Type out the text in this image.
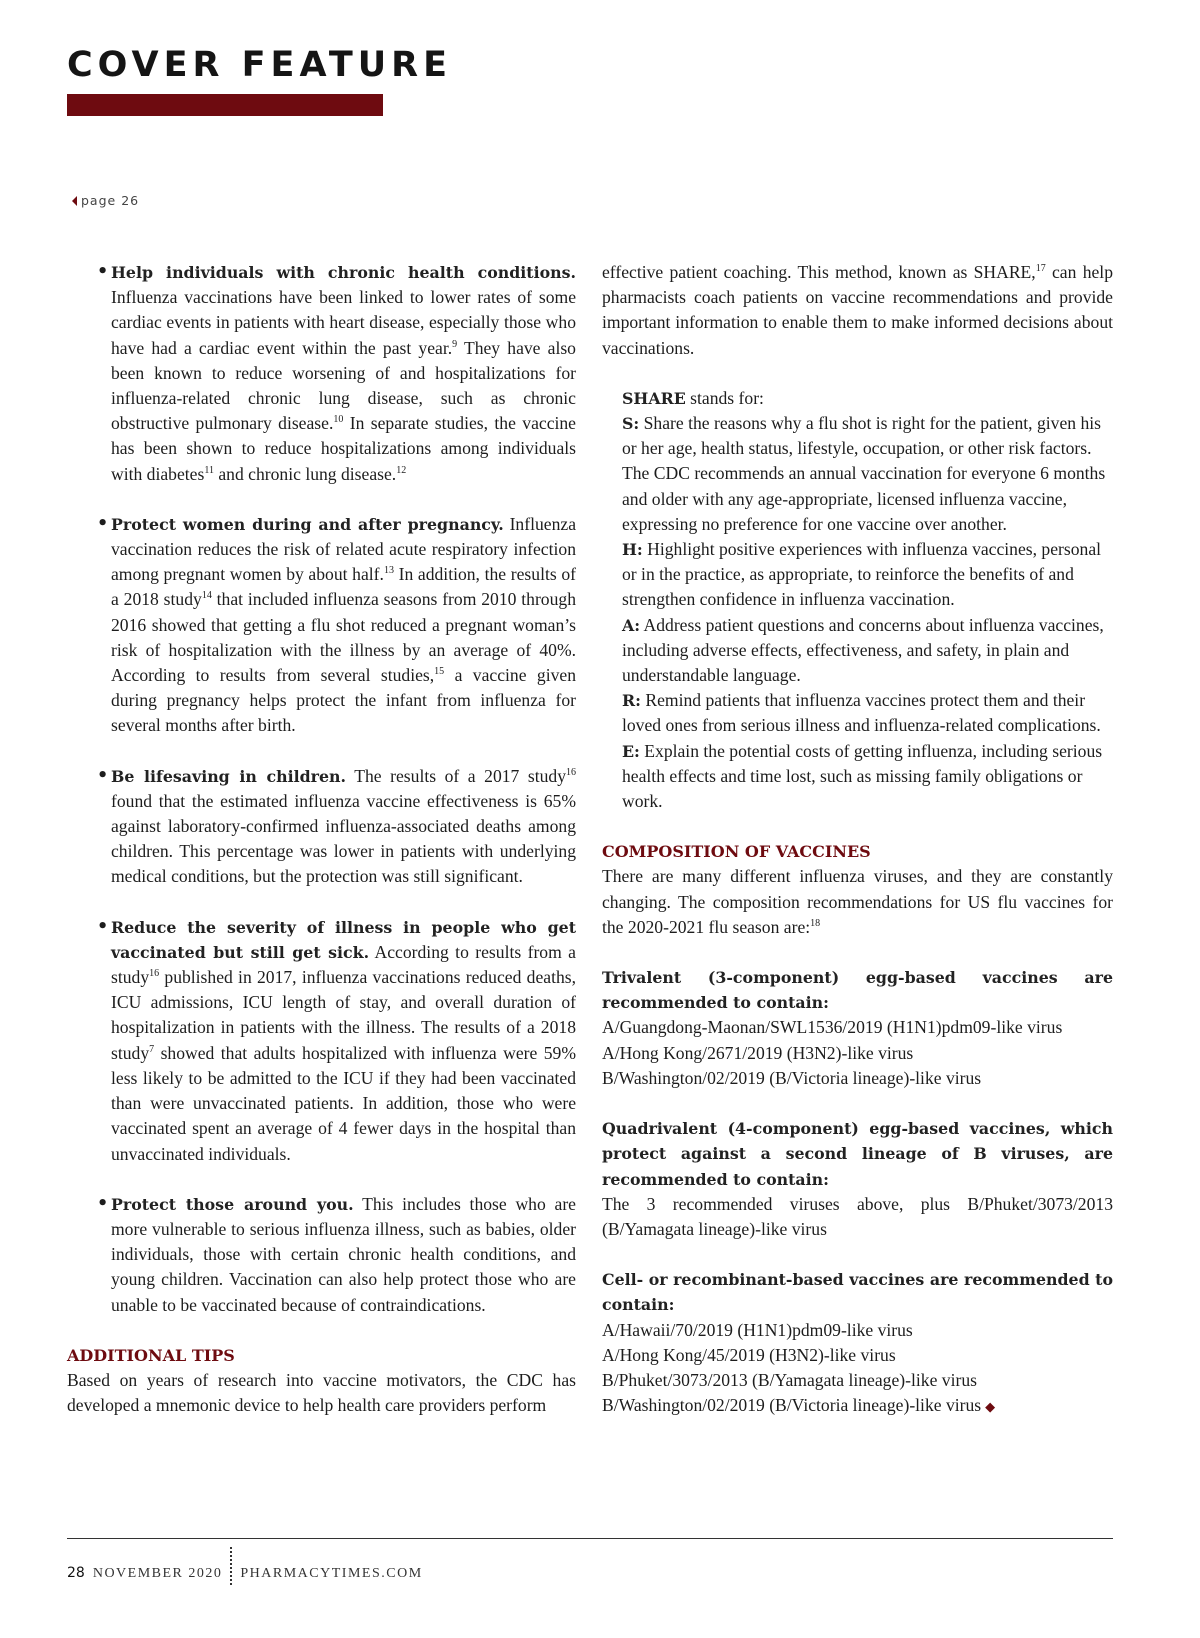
COVER FEATURE
page 26
• Help individuals with chronic health conditions. Influenza vaccinations have been linked to lower rates of some cardiac events in patients with heart disease, especially those who have had a cardiac event within the past year.$^9$ They have also been known to reduce worsening of and hospitalizations for influenza-related chronic lung disease, such as chronic obstructive pulmonary disease.$^{10}$ In separate studies, the vaccine has been shown to reduce hospitalizations among individuals with diabetes$^{11}$ and chronic lung disease.$^{12}$
• Protect women during and after pregnancy. Influenza vaccination reduces the risk of related acute respiratory infection among pregnant women by about half.$^{13}$ In addition, the results of a 2018 study$^{14}$ that included influenza seasons from 2010 through 2016 showed that getting a flu shot reduced a pregnant woman’s risk of hospitalization with the illness by an average of 40%. According to results from several studies,$^{15}$ a vaccine given during pregnancy helps protect the infant from influenza for several months after birth.
• Be lifesaving in children. The results of a 2017 study$^{16}$ found that the estimated influenza vaccine effectiveness is 65% against laboratory-confirmed influenza-associated deaths among children. This percentage was lower in patients with underlying medical conditions, but the protection was still significant.
• Reduce the severity of illness in people who get vaccinated but still get sick. According to results from a study$^{16}$ published in 2017, influenza vaccinations reduced deaths, ICU admissions, ICU length of stay, and overall duration of hospitalization in patients with the illness. The results of a 2018 study$^7$ showed that adults hospitalized with influenza were 59% less likely to be admitted to the ICU if they had been vaccinated than were unvaccinated patients. In addition, those who were vaccinated spent an average of 4 fewer days in the hospital than unvaccinated individuals.
• Protect those around you. This includes those who are more vulnerable to serious influenza illness, such as babies, older individuals, those with certain chronic health conditions, and young children. Vaccination can also help protect those who are unable to be vaccinated because of contraindications.
ADDITIONAL TIPS

Based on years of research into vaccine motivators, the CDC has developed a mnemonic device to help health care providers perform

effective patient coaching. This method, known as SHARE,$^{17}$ can help pharmacists coach patients on vaccine recommendations and provide important information to enable them to make informed decisions about vaccinations.

SHARE stands for:

S: Share the reasons why a flu shot is right for the patient, given his or her age, health status, lifestyle, occupation, or other risk factors. The CDC recommends an annual vaccination for everyone 6 months and older with any age-appropriate, licensed influenza vaccine, expressing no preference for one vaccine over another.

H: Highlight positive experiences with influenza vaccines, personal or in the practice, as appropriate, to reinforce the benefits of and strengthen confidence in influenza vaccination.

A: Address patient questions and concerns about influenza vaccines, including adverse effects, effectiveness, and safety, in plain and understandable language.

R: Remind patients that influenza vaccines protect them and their loved ones from serious illness and influenza-related complications.

E: Explain the potential costs of getting influenza, including serious health effects and time lost, such as missing family obligations or work.

COMPOSITION OF VACCINES

There are many different influenza viruses, and they are constantly changing. The composition recommendations for US flu vaccines for the 2020-2021 flu season are:$^{18}$

Trivalent (3-component) egg-based vaccines are recommended to contain:

A/Guangdong-Maonan/SWL1536/2019 (H1N1)pdm09-like virus
A/Hong Kong/2671/2019 (H3N2)-like virus
B/Washington/02/2019 (B/Victoria lineage)-like virus

Quadrivalent (4-component) egg-based vaccines, which protect against a second lineage of B viruses, are recommended to contain:

The 3 recommended viruses above, plus B/Phuket/3073/2013 (B/Yamagata lineage)-like virus

Cell- or recombinant-based vaccines are recommended to contain:

A/Hawaii/70/2019 (H1N1)pdm09-like virus
A/Hong Kong/45/2019 (H3N2)-like virus
B/Phuket/3073/2013 (B/Yamagata lineage)-like virus
B/Washington/02/2019 (B/Victoria lineage)-like virus ◆
28 NOVEMBER 2020 PHARMACYTIMES.COM
